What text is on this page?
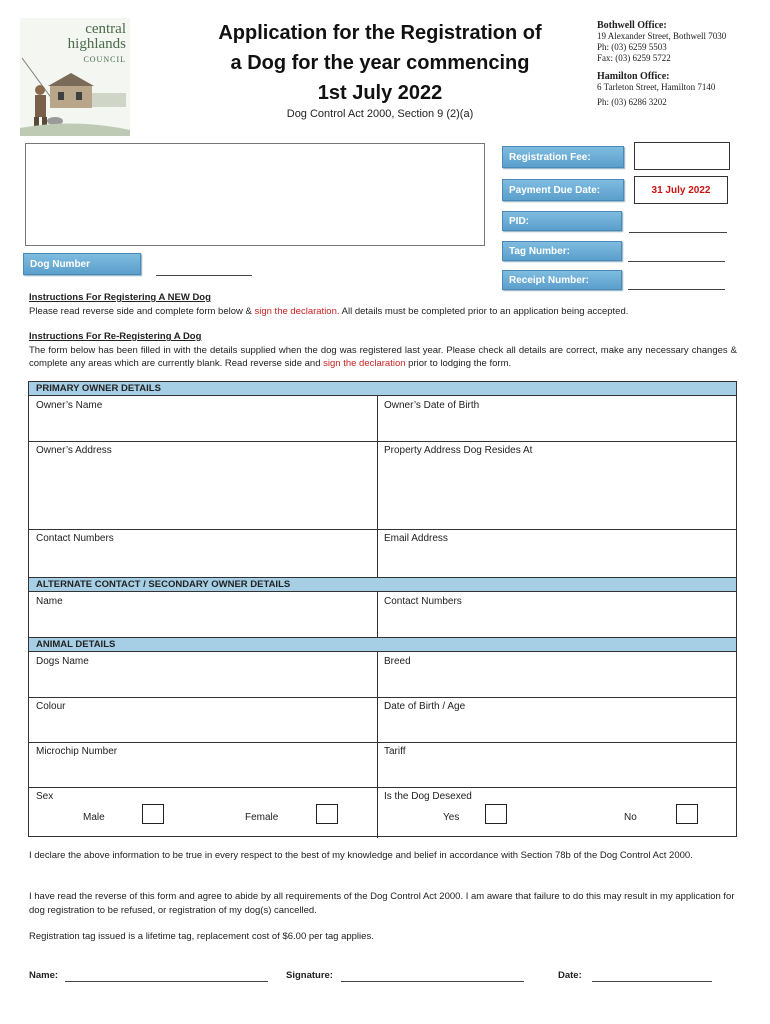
central
highlands
COUNCIL
Application for the Registration of
a Dog for the year commencing
1st July 2022
Dog Control Act 2000, Section 9 (2)(a)
Bothwell Office:
19 Alexander Street, Bothwell 7030
Ph: (03) 6259 5503
Fax: (03) 6259 5722
Hamilton Office:
6 Tarleton Street, Hamilton 7140
Ph: (03) 6286 3202
Registration Fee:
Payment Due Date:	31 July 2022
PID:
Tag Number:
Receipt Number:
Dog Number
Instructions For Registering A NEW Dog
Please read reverse side and complete form below & sign the declaration. All details must be completed prior to an application being accepted.
Instructions For Re-Registering A Dog
The form below has been filled in with the details supplied when the dog was registered last year. Please check all details are correct, make any necessary changes & complete any areas which are currently blank. Read reverse side and sign the declaration prior to lodging the form.
PRIMARY OWNER DETAILS
Owner’s Name	Owner’s Date of Birth
Owner’s Address	Property Address Dog Resides At
Contact Numbers	Email Address
ALTERNATE CONTACT / SECONDARY OWNER DETAILS
Name	Contact Numbers
ANIMAL DETAILS
Dogs Name	Breed
Colour	Date of Birth / Age
Microchip Number	Tariff
Sex	Is the Dog Desexed
Male	Female	Yes	No
I declare the above information to be true in every respect to the best of my knowledge and belief in accordance with Section 78b of the Dog Control Act 2000.
I have read the reverse of this form and agree to abide by all requirements of the Dog Control Act 2000. I am aware that failure to do this may result in my application for dog registration to be refused, or registration of my dog(s) cancelled.
Registration tag issued is a lifetime tag, replacement cost of $6.00 per tag applies.
Name:	Signature:	Date:
